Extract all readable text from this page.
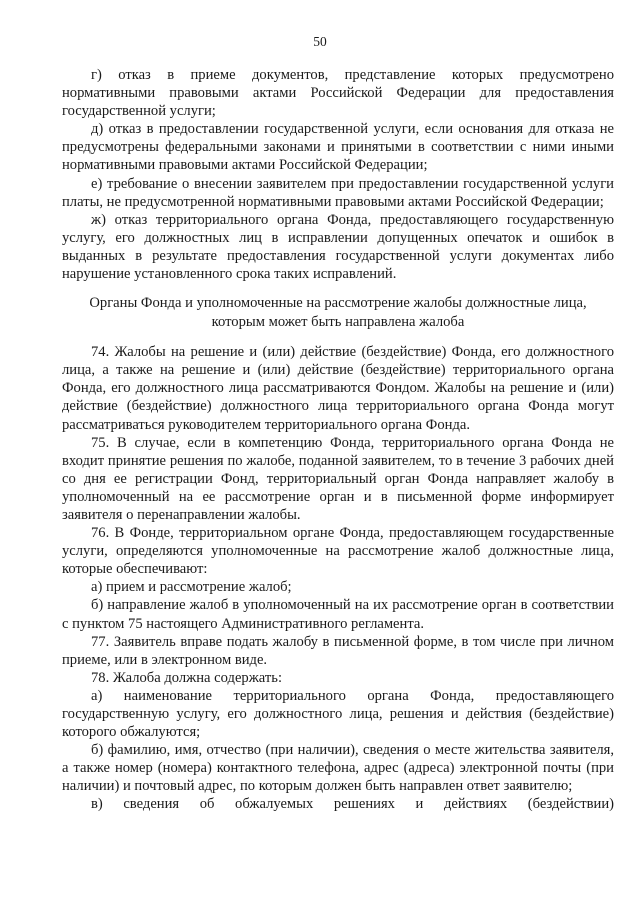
50

г) отказ в приеме документов, представление которых предусмотрено нормативными правовыми актами Российской Федерации для предоставления государственной услуги;

д) отказ в предоставлении государственной услуги, если основания для отказа не предусмотрены федеральными законами и принятыми в соответствии с ними иными нормативными правовыми актами Российской Федерации;

е) требование о внесении заявителем при предоставлении государственной услуги платы, не предусмотренной нормативными правовыми актами Российской Федерации;

ж) отказ территориального органа Фонда, предоставляющего государственную услугу, его должностных лиц в исправлении допущенных опечаток и ошибок в выданных в результате предоставления государственной услуги документах либо нарушение установленного срока таких исправлений.

Органы Фонда и уполномоченные на рассмотрение жалобы должностные лица, которым может быть направлена жалоба

74. Жалобы на решение и (или) действие (бездействие) Фонда, его должностного лица, а также на решение и (или) действие (бездействие) территориального органа Фонда, его должностного лица рассматриваются Фондом. Жалобы на решение и (или) действие (бездействие) должностного лица территориального органа Фонда могут рассматриваться руководителем территориального органа Фонда.

75. В случае, если в компетенцию Фонда, территориального органа Фонда не входит принятие решения по жалобе, поданной заявителем, то в течение 3 рабочих дней со дня ее регистрации Фонд, территориальный орган Фонда направляет жалобу в уполномоченный на ее рассмотрение орган и в письменной форме информирует заявителя о перенаправлении жалобы.

76. В Фонде, территориальном органе Фонда, предоставляющем государственные услуги, определяются уполномоченные на рассмотрение жалоб должностные лица, которые обеспечивают:

а) прием и рассмотрение жалоб;

б) направление жалоб в уполномоченный на их рассмотрение орган в соответствии с пунктом 75 настоящего Административного регламента.

77. Заявитель вправе подать жалобу в письменной форме, в том числе при личном приеме, или в электронном виде.

78. Жалоба должна содержать:

а) наименование территориального органа Фонда, предоставляющего государственную услугу, его должностного лица, решения и действия (бездействие) которого обжалуются;

б) фамилию, имя, отчество (при наличии), сведения о месте жительства заявителя, а также номер (номера) контактного телефона, адрес (адреса) электронной почты (при наличии) и почтовый адрес, по которым должен быть направлен ответ заявителю;

в) сведения об обжалуемых решениях и действиях (бездействии)
